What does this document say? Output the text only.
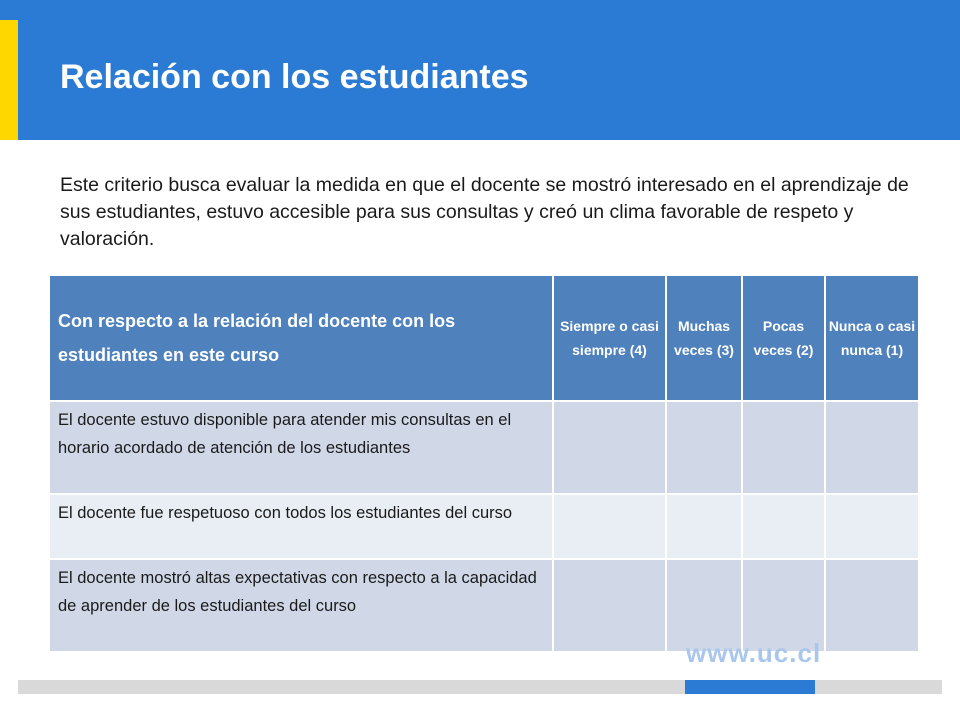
Relación con los estudiantes
Este criterio busca evaluar la medida en que el docente se mostró interesado en el aprendizaje de sus estudiantes, estuvo accesible para sus consultas y creó un clima favorable de respeto y valoración.
Con respecto a la relación del docente con los estudiantes en este curso	Siempre o casi siempre (4)	Muchas veces (3)	Pocas veces (2)	Nunca o casi nunca (1)
El docente estuvo disponible para atender mis consultas en el horario acordado de atención de los estudiantes				
El docente fue respetuoso con todos los estudiantes del curso				
El docente mostró altas expectativas con respecto a la capacidad de aprender de los estudiantes del curso				
www.uc.cl
